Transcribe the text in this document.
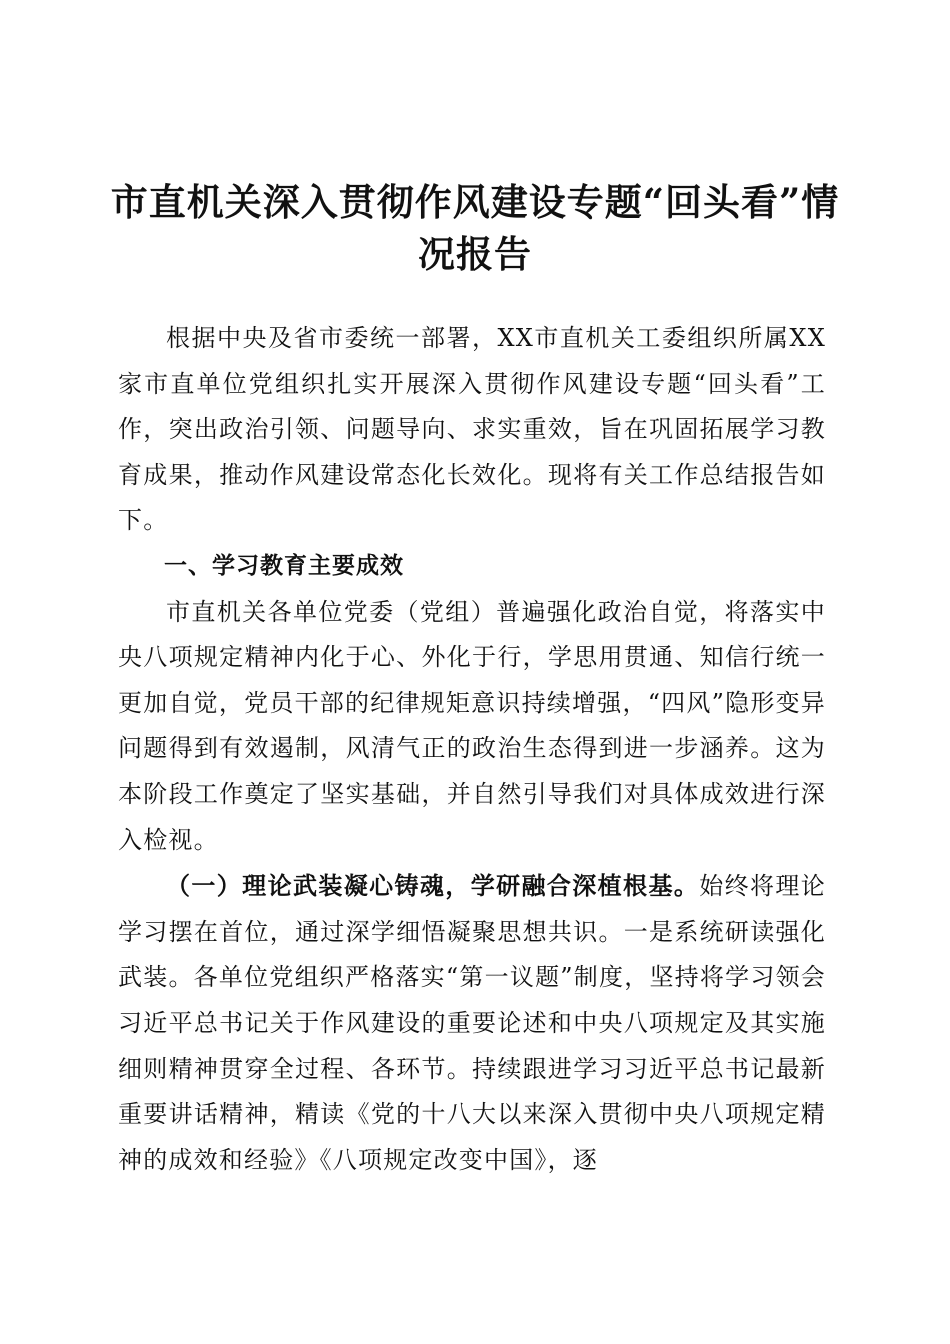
市直机关深入贯彻作风建设专题“回头看”情况报告

根据中央及省市委统一部署，XX市直机关工委组织所属XX家市直单位党组织扎实开展深入贯彻作风建设专题“回头看”工作，突出政治引领、问题导向、求实重效，旨在巩固拓展学习教育成果，推动作风建设常态化长效化。现将有关工作总结报告如下。

一、学习教育主要成效

市直机关各单位党委（党组）普遍强化政治自觉，将落实中央八项规定精神内化于心、外化于行，学思用贯通、知信行统一更加自觉，党员干部的纪律规矩意识持续增强，“四风”隐形变异问题得到有效遏制，风清气正的政治生态得到进一步涵养。这为本阶段工作奠定了坚实基础，并自然引导我们对具体成效进行深入检视。

（一）理论武装凝心铸魂，学研融合深植根基。始终将理论学习摆在首位，通过深学细悟凝聚思想共识。一是系统研读强化武装。各单位党组织严格落实“第一议题”制度，坚持将学习领会习近平总书记关于作风建设的重要论述和中央八项规定及其实施细则精神贯穿全过程、各环节。持续跟进学习习近平总书记最新重要讲话精神，精读《党的十八大以来深入贯彻中央八项规定精神的成效和经验》《八项规定改变中国》，逐
